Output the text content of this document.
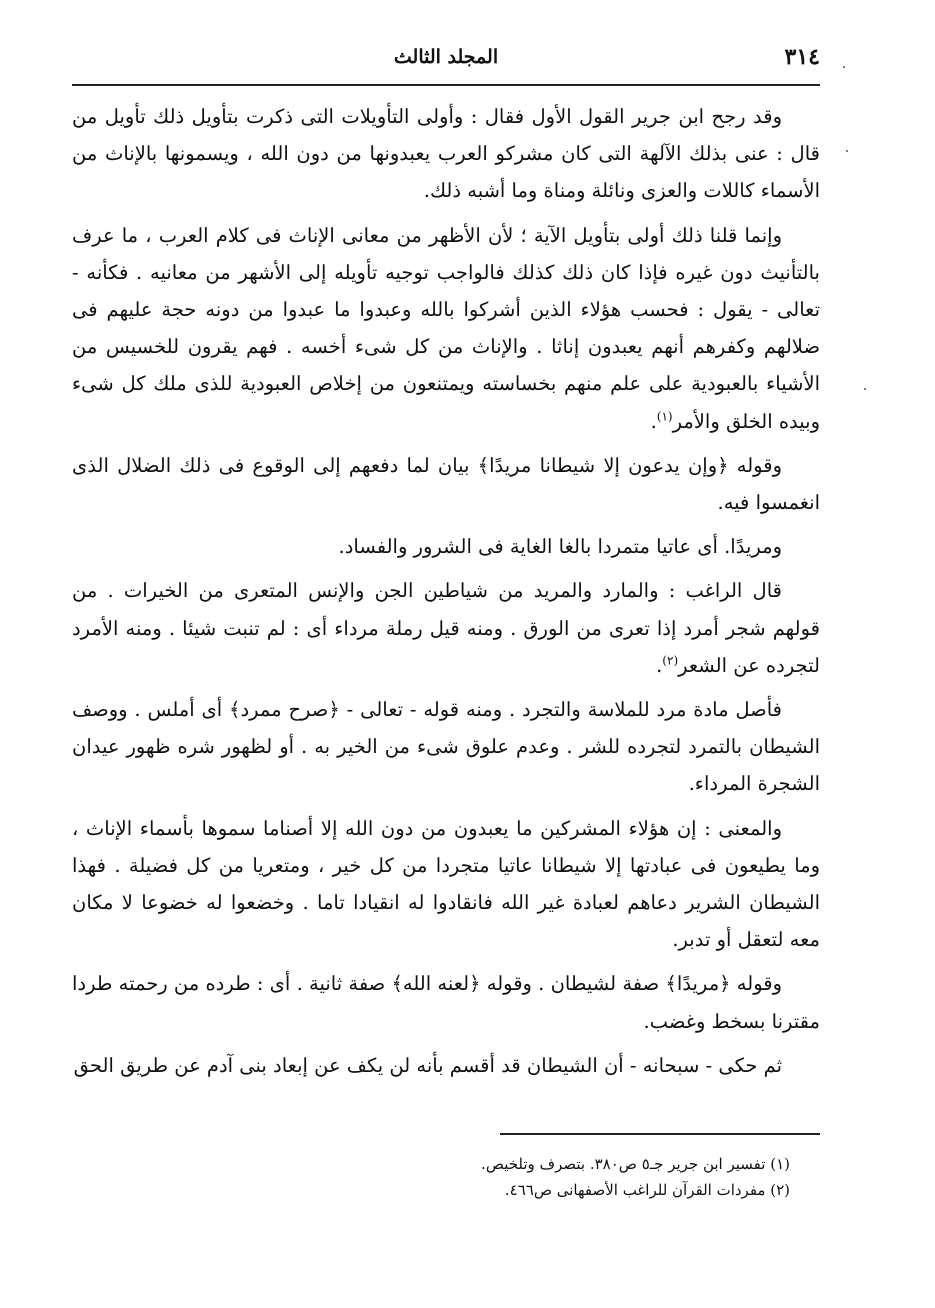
٣١٤
المجلد الثالث

وقد رجح ابن جرير القول الأول فقال : وأولى التأويلات التى ذكرت بتأويل ذلك تأويل من قال : عنى بذلك الآلهة التى كان مشركو العرب يعبدونها من دون الله ، ويسمونها بالإناث من الأسماء كاللات والعزى ونائلة ومناة وما أشبه ذلك.

وإنما قلنا ذلك أولى بتأويل الآية ؛ لأن الأظهر من معانى الإناث فى كلام العرب ، ما عرف بالتأنيث دون غيره فإذا كان ذلك كذلك فالواجب توجيه تأويله إلى الأشهر من معانيه . فكأنه - تعالى - يقول : فحسب هؤلاء الذين أشركوا بالله وعبدوا ما عبدوا من دونه حجة عليهم فى ضلالهم وكفرهم أنهم يعبدون إناثا . والإناث من كل شىء أخسه . فهم يقرون للخسيس من الأشياء بالعبودية على علم منهم بخساسته ويمتنعون من إخلاص العبودية للذى ملك كل شىء وبيده الخلق والأمر$^{(١)}$.

وقوله ﴿وإن يدعون إلا شيطانا مريدًا﴾ بيان لما دفعهم إلى الوقوع فى ذلك الضلال الذى انغمسوا فيه.

ومريدًا. أى عاتيا متمردا بالغا الغاية فى الشرور والفساد.

قال الراغب : والمارد والمريد من شياطين الجن والإنس المتعرى من الخيرات . من قولهم شجر أمرد إذا تعرى من الورق . ومنه قيل رملة مرداء أى : لم تنبت شيئا . ومنه الأمرد لتجرده عن الشعر$^{(٢)}$.

فأصل مادة مرد للملاسة والتجرد . ومنه قوله - تعالى - ﴿صرح ممرد﴾ أى أملس . ووصف الشيطان بالتمرد لتجرده للشر . وعدم علوق شىء من الخير به . أو لظهور شره ظهور عيدان الشجرة المرداء.

والمعنى : إن هؤلاء المشركين ما يعبدون من دون الله إلا أصناما سموها بأسماء الإناث ، وما يطيعون فى عبادتها إلا شيطانا عاتيا متجردا من كل خير ، ومتعريا من كل فضيلة . فهذا الشيطان الشرير دعاهم لعبادة غير الله فانقادوا له انقيادا تاما . وخضعوا له خضوعا لا مكان معه لتعقل أو تدبر.

وقوله ﴿مريدًا﴾ صفة لشيطان . وقوله ﴿لعنه الله﴾ صفة ثانية . أى : طرده من رحمته طردا مقترنا بسخط وغضب.

ثم حكى - سبحانه - أن الشيطان قد أقسم بأنه لن يكف عن إبعاد بنى آدم عن طريق الحق

(١) تفسير ابن جرير جـ٥ ص٣٨٠. بتصرف وتلخيص.

(٢) مفردات القرآن للراغب الأصفهانى ص٤٦٦.
